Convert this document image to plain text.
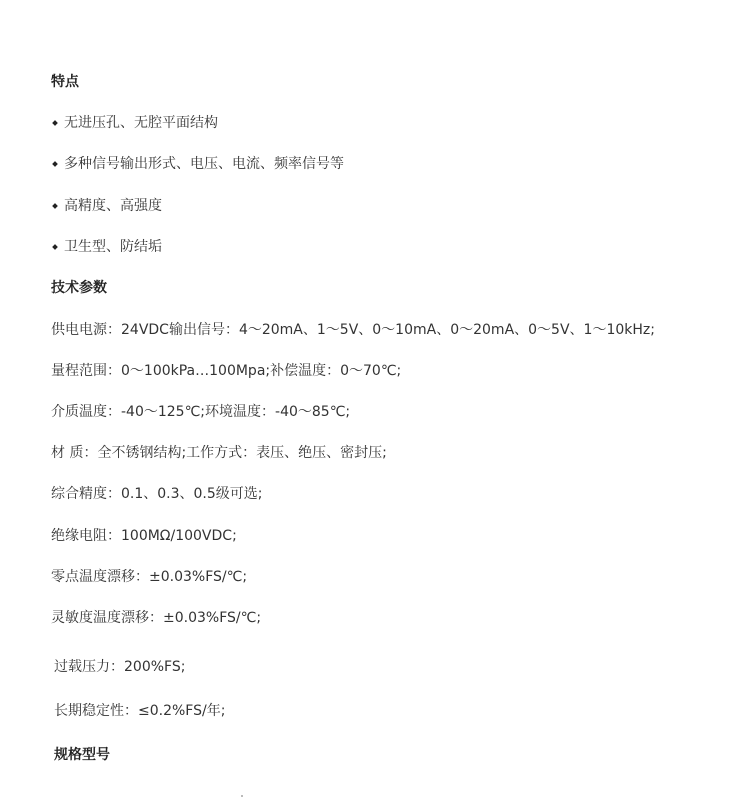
特点
无进压孔、无腔平面结构
多种信号输出形式、电压、电流、频率信号等
高精度、高强度
卫生型、防结垢
技术参数
供电电源：24VDC输出信号：4～20mA、1～5V、0～10mA、0～20mA、0～5V、1～10kHz;
量程范围：0～100kPa…100Mpa;补偿温度：0～70℃;
介质温度：-40～125℃;环境温度：-40～85℃;
材 质：全不锈钢结构;工作方式：表压、绝压、密封压;
综合精度：0.1、0.3、0.5级可选;
绝缘电阻：100MΩ/100VDC;
零点温度漂移：±0.03%FS/℃;
灵敏度温度漂移：±0.03%FS/℃;
过载压力：200%FS;
长期稳定性：≤0.2%FS/年;
规格型号
